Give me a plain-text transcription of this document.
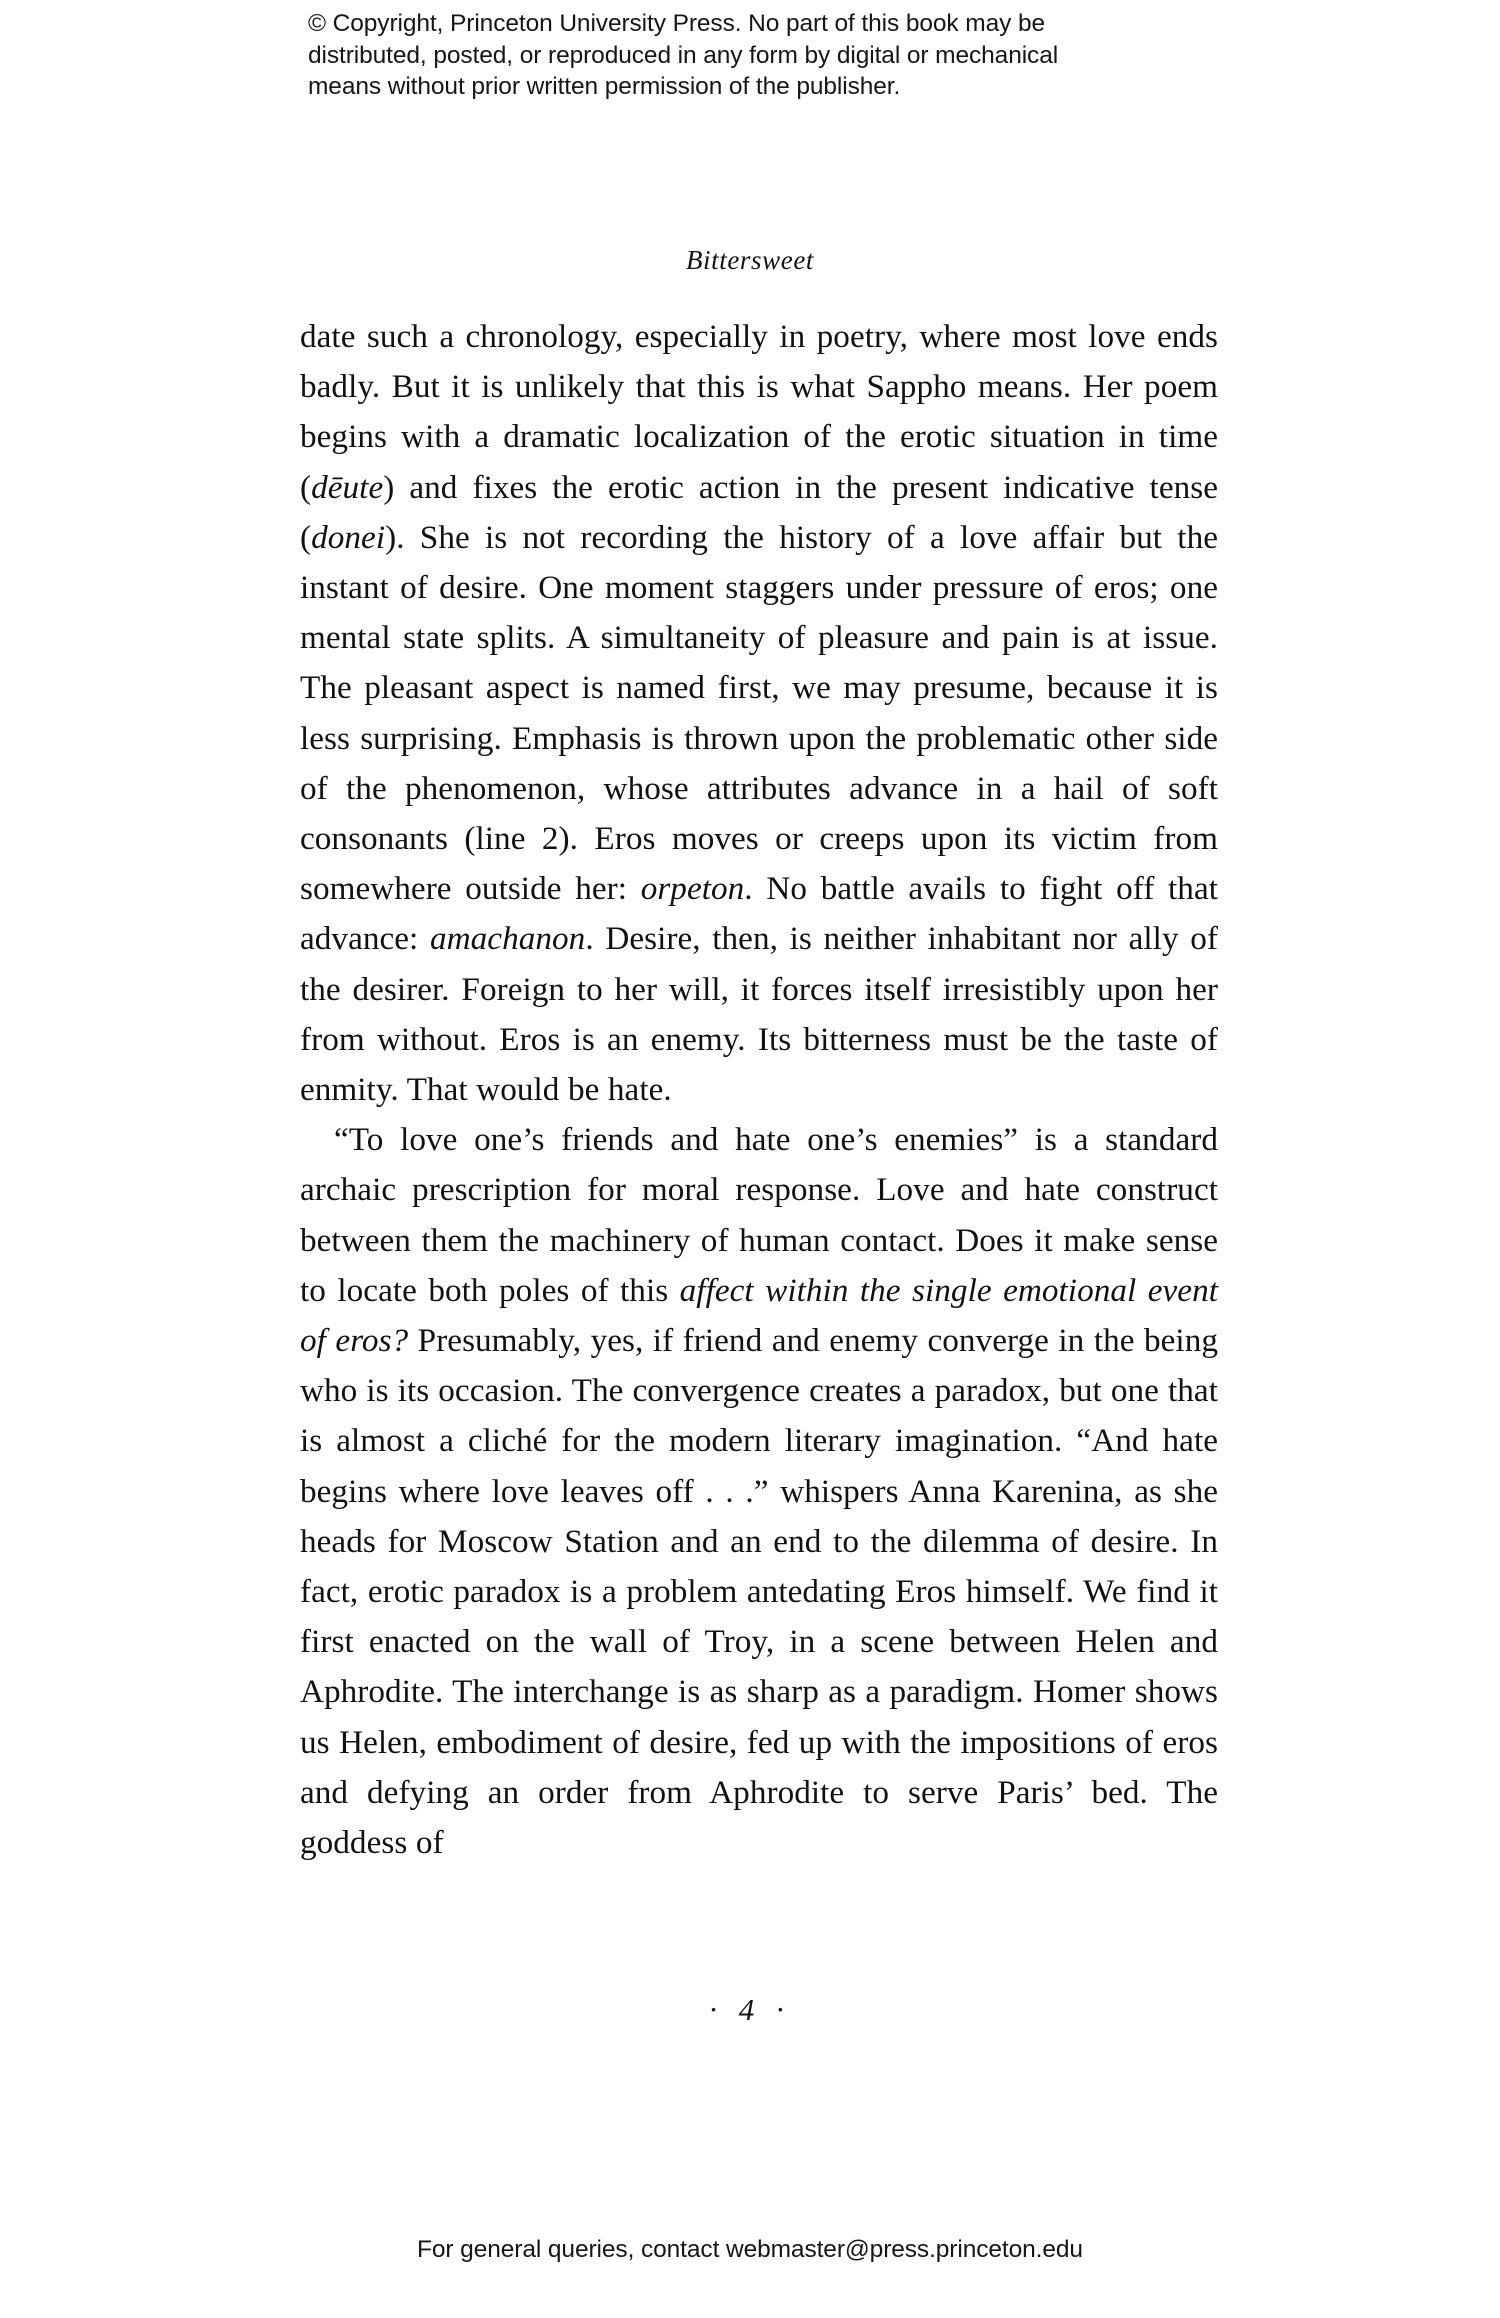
© Copyright, Princeton University Press. No part of this book may be
distributed, posted, or reproduced in any form by digital or mechanical
means without prior written permission of the publisher.
Bittersweet

date such a chronology, especially in poetry, where most love ends badly. But it is unlikely that this is what Sappho means. Her poem begins with a dramatic localization of the erotic situation in time (dēute) and fixes the erotic action in the present indicative tense (donei). She is not recording the history of a love affair but the instant of desire. One moment staggers under pressure of eros; one mental state splits. A simultaneity of pleasure and pain is at issue. The pleasant aspect is named first, we may presume, because it is less surprising. Emphasis is thrown upon the problematic other side of the phenomenon, whose attributes advance in a hail of soft consonants (line 2). Eros moves or creeps upon its victim from somewhere outside her: orpeton. No battle avails to fight off that advance: amachanon. Desire, then, is neither inhabitant nor ally of the desirer. Foreign to her will, it forces itself irresistibly upon her from without. Eros is an enemy. Its bitterness must be the taste of enmity. That would be hate.

“To love one’s friends and hate one’s enemies” is a standard archaic prescription for moral response. Love and hate construct between them the machinery of human contact. Does it make sense to locate both poles of this affect within the single emotional event of eros? Presumably, yes, if friend and enemy converge in the being who is its occasion. The convergence creates a paradox, but one that is almost a cliché for the modern literary imagination. “And hate begins where love leaves off . . .” whispers Anna Karenina, as she heads for Moscow Station and an end to the dilemma of desire. In fact, erotic paradox is a problem antedating Eros himself. We find it first enacted on the wall of Troy, in a scene between Helen and Aphrodite. The interchange is as sharp as a paradigm. Homer shows us Helen, embodiment of desire, fed up with the impositions of eros and defying an order from Aphrodite to serve Paris’ bed. The goddess of

· 4 ·
For general queries, contact webmaster@press.princeton.edu
